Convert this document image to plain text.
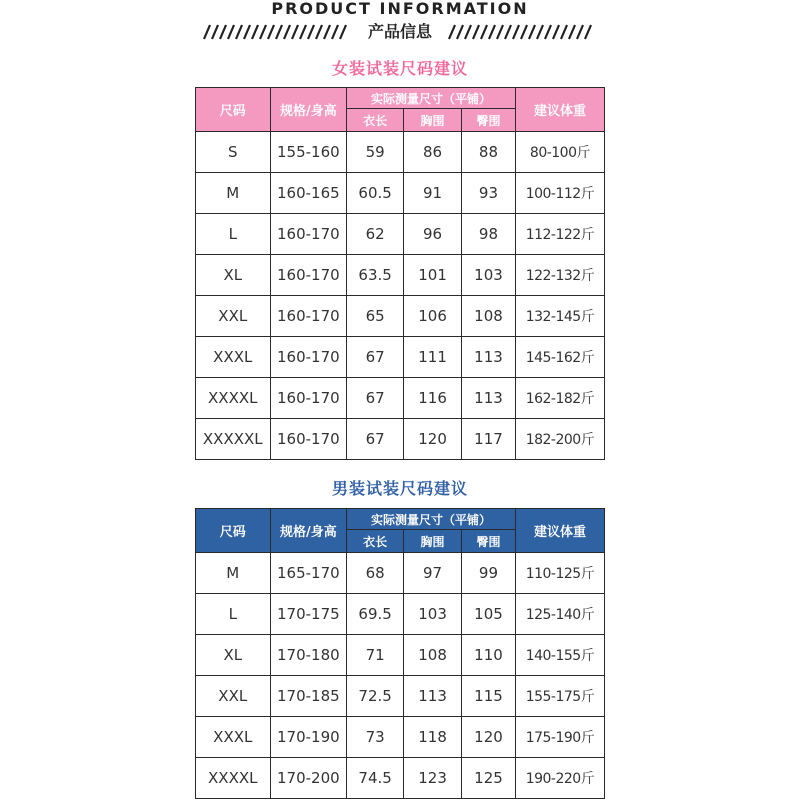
PRODUCT INFORMATION
产品信息
女装试装尺码建议
尺码	规格/身高	实际测量尺寸（平铺）			建议体重
		衣长	胸围	臀围	
S	155-160	59	86	88	80-100斤
M	160-165	60.5	91	93	100-112斤
L	160-170	62	96	98	112-122斤
XL	160-170	63.5	101	103	122-132斤
XXL	160-170	65	106	108	132-145斤
XXXL	160-170	67	111	113	145-162斤
XXXXL	160-170	67	116	113	162-182斤
XXXXXL	160-170	67	120	117	182-200斤
男装试装尺码建议
尺码	规格/身高	实际测量尺寸（平铺）			建议体重
		衣长	胸围	臀围	
M	165-170	68	97	99	110-125斤
L	170-175	69.5	103	105	125-140斤
XL	170-180	71	108	110	140-155斤
XXL	170-185	72.5	113	115	155-175斤
XXXL	170-190	73	118	120	175-190斤
XXXXL	170-200	74.5	123	125	190-220斤
